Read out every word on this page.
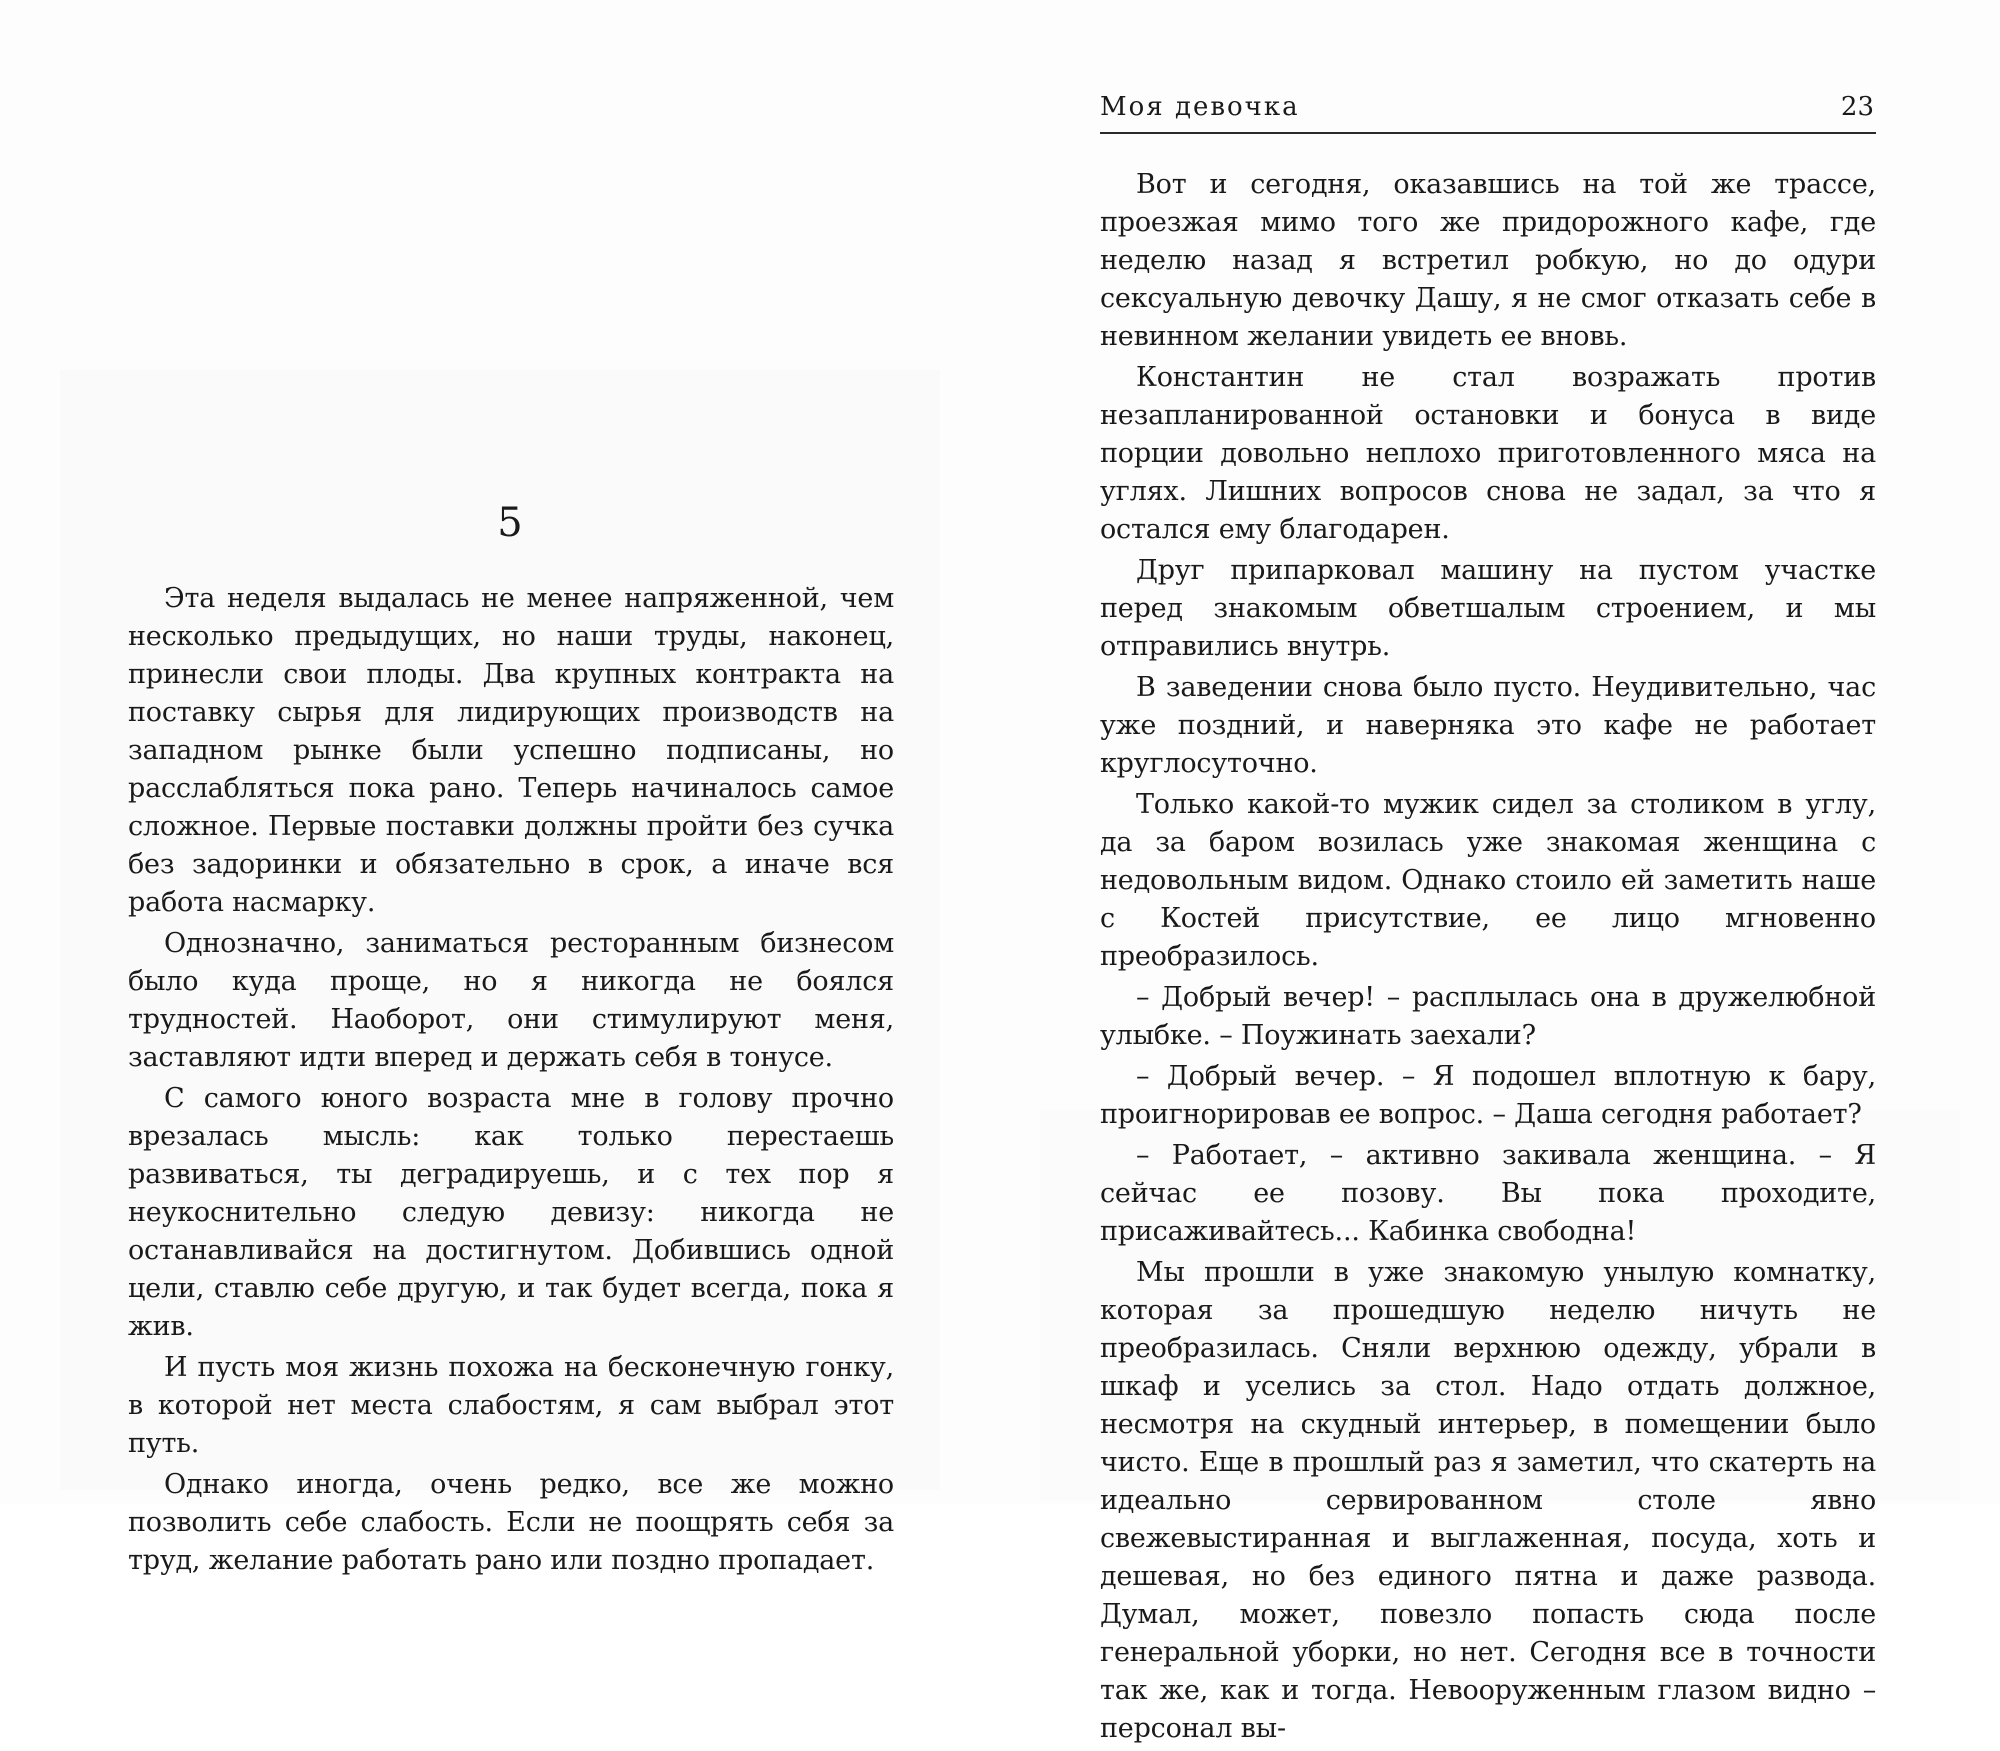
Моя девочка	23
5

Эта неделя выдалась не менее напряженной, чем несколько предыдущих, но наши труды, наконец, принесли свои плоды. Два крупных контракта на поставку сырья для лидирующих производств на западном рынке были успешно подписаны, но расслабляться пока рано. Теперь начиналось самое сложное. Первые поставки должны пройти без сучка без задоринки и обязательно в срок, а иначе вся работа насмарку.

Однозначно, заниматься ресторанным бизнесом было куда проще, но я никогда не боялся трудностей. Наоборот, они стимулируют меня, заставляют идти вперед и держать себя в тонусе.

С самого юного возраста мне в голову прочно врезалась мысль: как только перестаешь развиваться, ты деградируешь, и с тех пор я неукоснительно следую девизу: никогда не останавливайся на достигнутом. Добившись одной цели, ставлю себе другую, и так будет всегда, пока я жив.

И пусть моя жизнь похожа на бесконечную гонку, в которой нет места слабостям, я сам выбрал этот путь.

Однако иногда, очень редко, все же можно позволить себе слабость. Если не поощрять себя за труд, желание работать рано или поздно пропадает.

Вот и сегодня, оказавшись на той же трассе, проезжая мимо того же придорожного кафе, где неделю назад я встретил робкую, но до одури сексуальную девочку Дашу, я не смог отказать себе в невинном желании увидеть ее вновь.

Константин не стал возражать против незапланированной остановки и бонуса в виде порции довольно неплохо приготовленного мяса на углях. Лишних вопросов снова не задал, за что я остался ему благодарен.

Друг припарковал машину на пустом участке перед знакомым обветшалым строением, и мы отправились внутрь.

В заведении снова было пусто. Неудивительно, час уже поздний, и наверняка это кафе не работает круглосуточно.

Только какой-то мужик сидел за столиком в углу, да за баром возилась уже знакомая женщина с недовольным видом. Однако стоило ей заметить наше с Костей присутствие, ее лицо мгновенно преобразилось.

– Добрый вечер! – расплылась она в дружелюбной улыбке. – Поужинать заехали?

– Добрый вечер. – Я подошел вплотную к бару, проигнорировав ее вопрос. – Даша сегодня работает?

– Работает, – активно закивала женщина. – Я сейчас ее позову. Вы пока проходите, присаживайтесь... Кабинка свободна!

Мы прошли в уже знакомую унылую комнатку, которая за прошедшую неделю ничуть не преобразилась. Сняли верхнюю одежду, убрали в шкаф и уселись за стол. Надо отдать должное, несмотря на скудный интерьер, в помещении было чисто. Еще в прошлый раз я заметил, что скатерть на идеально сервированном столе явно свежевыстиранная и выглаженная, посуда, хоть и дешевая, но без единого пятна и даже развода. Думал, может, повезло попасть сюда после генеральной уборки, но нет. Сегодня все в точности так же, как и тогда. Невооруженным глазом видно – персонал вы-
